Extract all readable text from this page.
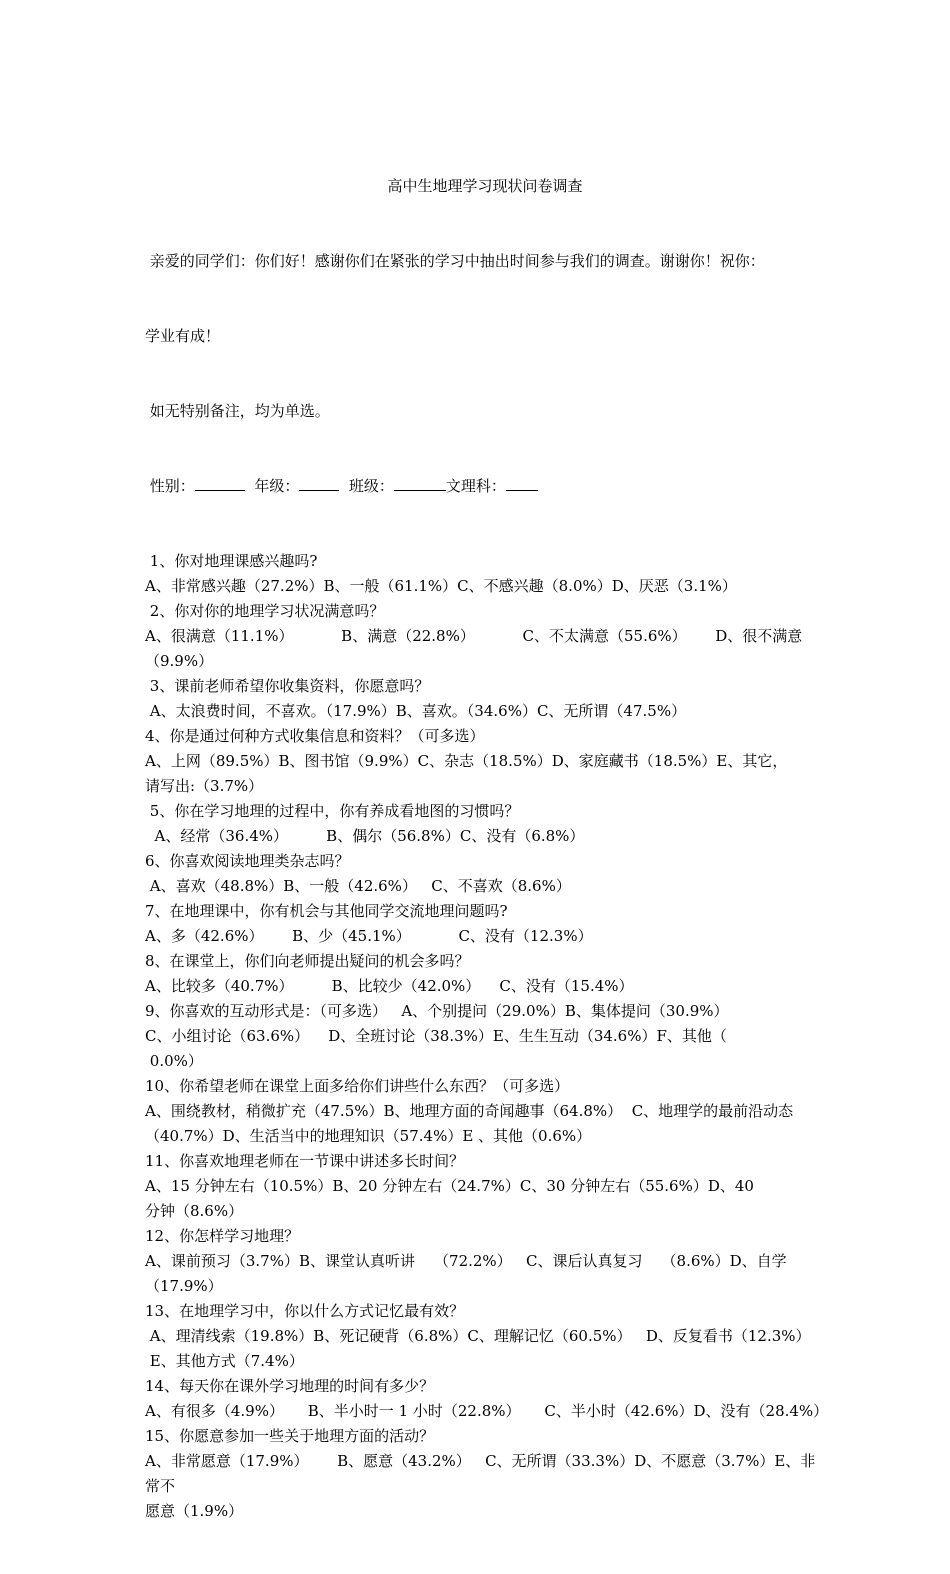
高中生地理学习现状问卷调查

亲爱的同学们：你们好！感谢你们在紧张的学习中抽出时间参与我们的调查。谢谢你！祝你：

学业有成！

如无特别备注，均为单选。

性别：	年级：	班级：	文理科：

1、你对地理课感兴趣吗?

A、非常感兴趣（27.2%）B、一般（61.1%）C、不感兴趣（8.0%）D、厌恶（3.1%）

2、你对你的地理学习状况满意吗？

A、很满意（11.1%）          B、满意（22.8%）          C、不太满意（55.6%）      D、很不满意

（9.9%）

3、课前老师希望你收集资料，你愿意吗？

A、太浪费时间，不喜欢。（17.9%）B、喜欢。（34.6%）C、无所谓（47.5%）

4、你是通过何种方式收集信息和资料？（可多选）

A、上网（89.5%）B、图书馆（9.9%）C、杂志（18.5%）D、家庭藏书（18.5%）E、其它，

请写出:（3.7%）

5、你在学习地理的过程中，你有养成看地图的习惯吗？

A、经常（36.4%）        B、偶尔（56.8%）C、没有（6.8%）

6、你喜欢阅读地理类杂志吗？

A、喜欢（48.8%）B、一般（42.6%）   C、不喜欢（8.6%）

7、在地理课中，你有机会与其他同学交流地理问题吗?

A、多（42.6%）      B、少（45.1%）          C、没有（12.3%）

8、在课堂上，你们向老师提出疑问的机会多吗？

A、比较多（40.7%）        B、比较少（42.0%）    C、没有（15.4%）

9、你喜欢的互动形式是：（可多选）   A、个别提问（29.0%）B、集体提问（30.9%）

C、小组讨论（63.6%）    D、全班讨论（38.3%）E、生生互动（34.6%）F、其他（

0.0%）

10、你希望老师在课堂上面多给你们讲些什么东西？（可多选）

A、围绕教材，稍微扩充（47.5%）B、地理方面的奇闻趣事（64.8%）  C、地理学的最前沿动态

（40.7%）D、生活当中的地理知识（57.4%）E 、其他（0.6%）

11、你喜欢地理老师在一节课中讲述多长时间？

A、15 分钟左右（10.5%）B、20 分钟左右（24.7%）C、30 分钟左右（55.6%）D、40

分钟（8.6%）

12、你怎样学习地理？

A、课前预习（3.7%）B、课堂认真听讲    （72.2%）   C、课后认真复习    （8.6%）D、自学

（17.9%）

13、在地理学习中，你以什么方式记忆最有效？

A、理清线索（19.8%）B、死记硬背（6.8%）C、理解记忆（60.5%）   D、反复看书（12.3%）

E、其他方式（7.4%）

14、每天你在课外学习地理的时间有多少？

A、有很多（4.9%）     B、半小时一 1 小时（22.8%）     C、半小时（42.6%）D、没有（28.4%）

15、你愿意参加一些关于地理方面的活动？

A、非常愿意（17.9%）      B、愿意（43.2%）   C、无所谓（33.3%）D、不愿意（3.7%）E、非常不

愿意（1.9%）
